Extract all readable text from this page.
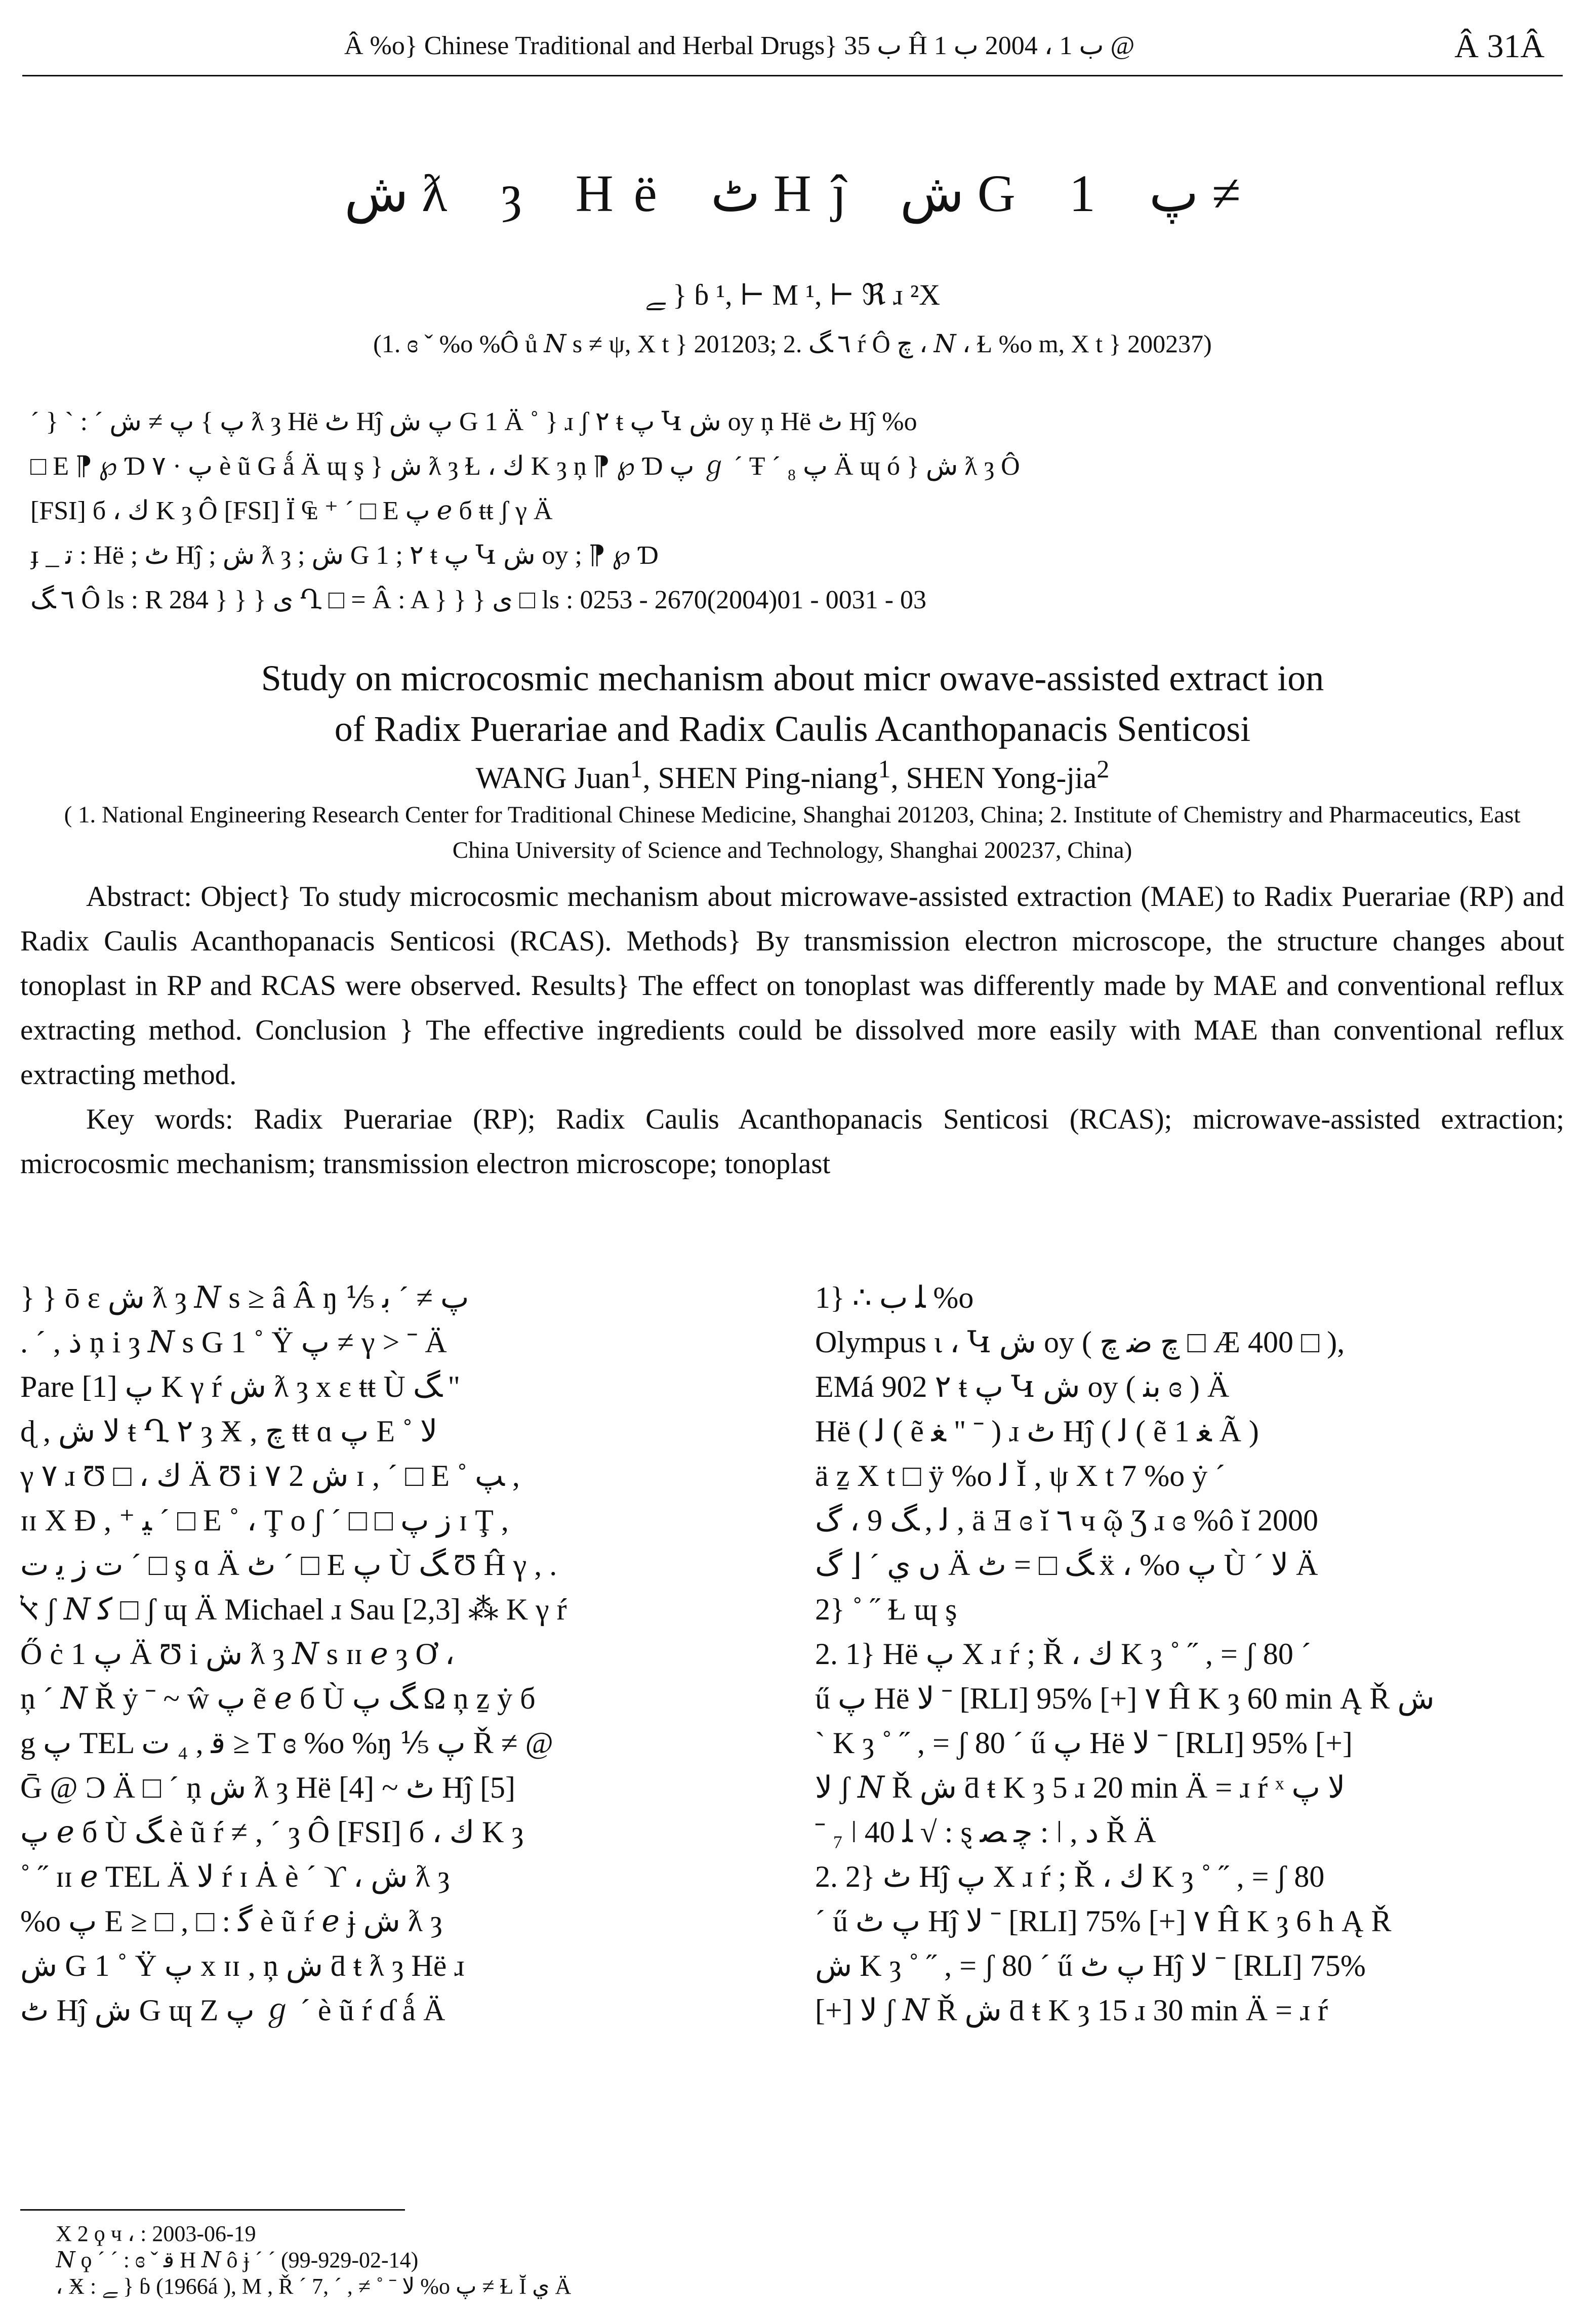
Â %o} Chinese Traditional and Herbal Drugs} ب 35 Ĥ ب 1 ، 2004 ب 1 @	Â 31Â
ش ƛ ȝ Hë ٹ Hĵ ش G 1 پ ≠
ﮯ } ɓ ¹, ⊢ M ¹, ⊢ ℜ ɹ ²X
(1. ɞ ˇ %o %Ô ů 𝑁 s ≠ ψ, X t } 201203; 2. ٦ ﮓ ŕ Ô ﭺ ، 𝑁 ، Ɫ %o m, X t } 200237)
ˊ } ˋ : ˊ پ } پ ≠ ش ƛ ȝ Hë ٹ Hĵ پ ش G 1 Ä ˚ } ɹ ʃ ٢ ŧ پ Կ ش oy ņ Hë ٹ Hĵ %o
□ E ⁋ ℘ Ɗ پ · ٧ è ũ G ǻ Ä ɰ ş } ش ƛ ȝ Ɫ ، ك K ȝ ņ ⁋ ℘ Ɗ پ ℊ ˊ Ŧ ˊ ₈ پ Ä ɰ ó } ش ƛ ȝ Ô
[FSI] б ، ك K ȝ Ô [FSI] Ï ₠ ⁺ ˊ □ E پ ℯ б ŧŧ ʃ γ Ä
ɟ _ ﺗ : Hë ; ٹ Hĵ ; ش ƛ ȝ ; ش G 1 ; ٢ ŧ پ Կ ش oy ; ⁋ ℘ Ɗ
٦ ﮓ Ô ls : R 284 } } } ى Ղ □ = Â : A } } } ى □ ls : 0253 - 2670(2004)01 - 0031 - 03
Study on microcosmic mechanism about micr owave-assisted extract ion
of Radix Puerariae and Radix Caulis Acanthopanacis Senticosi
WANG Juan$^1$, SHEN Ping-niang$^1$, SHEN Yong-jia$^2$
( 1. National Engineering Research Center for Traditional Chinese Medicine, Shanghai 201203, China; 2. Institute of Chemistry and Pharmaceutics, East China University of Science and Technology, Shanghai 200237, China)

Abstract: Object} To study microcosmic mechanism about microwave-assisted extraction (MAE) to Radix Puerariae (RP) and Radix Caulis Acanthopanacis Senticosi (RCAS). Methods} By transmission electron microscope, the structure changes about tonoplast in RP and RCAS were observed. Results} The effect on tonoplast was differently made by MAE and conventional reflux extracting method. Conclusion } The effective ingredients could be dissolved more easily with MAE than conventional reflux extracting method.

Key words: Radix Puerariae (RP); Radix Caulis Acanthopanacis Senticosi (RCAS); microwave-assisted extraction; microcosmic mechanism; transmission electron microscope; tonoplast

} } ō ε ش ƛ ȝ 𝑁 s ≥ â Â ŋ ⅕ پ ≠ ˊ ﺑ
. ˊ , ﺫ ņ i ȝ 𝑁 s G 1 ˚ Ÿ پ ≠ γ > ˉ Ä
Pare پ [1] K γ ŕ ش ƛ ȝ x ε ŧŧ Ù ﮓ "
ɖ , ﻻ ش ŧ Ղ ٢ ȝ Ӿ , ﭺ ŧŧ ɑ پ E ˚ ﻻ
γ ٧ ɹ Ʊ □ ، ك Ä Ʊ i ٧ 2 ش ɪ , ˊ □ E ˚ ﭗ ,
ɪɪ X Ɖ , ⁺ ﯿ ˊ □ E ˚ ، Ţ ο ʃ ˊ □ □ ﺯ پ ɪ Ţ ,
ت ﺯ ﻳ ت ˊ □ ş ɑ Ä ٹ ˊ □ E پ Ù ﮓ Ʊ Ĥ γ , .
ﭏ ʃ 𝑁 ﮐ □ ʃ ɰ Ä Michael ɹ Sau [2,3] ⁂ K γ ŕ
Ő ċ پ 1 Ä Ʊ i ش ƛ ȝ 𝑁 s ɪɪ ℯ ȝ Ơ ،
ņ ˊ 𝑁 Ř ẏ ˉ ~ ŵ پ ẽ ℯ б Ù ﮓ پ Ω ņ ẕ ẏ б
g پ TEL ﻗ , ₄ ت ≥ T ɞ %o %ŋ ⅕ پ Ř ≠ @
Ḡ @ Ɔ Ä □ ˊ ņ ش ƛ ȝ Hë [4] ~ ٹ Hĵ [5]
پ ℯ б Ù ﮓ è ũ ŕ ≠ , ˊ ȝ Ô [FSI] б ، ك K ȝ
˚ ˝ ɪɪ ℯ TEL Ä ﻻ ŕ ɪ Ȧ è ˊ ϒ ، ش ƛ ȝ
%o پ E ≥ □ , □ : ﮔ è ũ ŕ ℯ ɉ ش ƛ ȝ
ش G 1 ˚ Ÿ پ x ɪɪ , ņ ش ƌ ŧ ƛ ȝ Hë ɹ
ٹ Hĵ ش G ɰ Z پ ℊ ˊ è ũ ŕ ɗ ǻ Ä
1} ∴ ﻠ ب %o
Olympus ɩ ، Կ ش oy ( ﭺ ﺿ ﭺ □ Æ 400 □ ),
EMá 902 ٢ ŧ پ Կ ش oy ( ﺑﻨ ɞ ) Ä
Hë ( ﻟ ( ẽ ﻐ " ˉ ) ɹ ٹ Hĵ ( ﻟ ( ẽ ﻐ 1 Ã )
ä ẕ X t □ ÿ %o ﻟ Ĭ , ψ X t 7 %o ẏ ˊ
ﻟ , ﮓ 9 ، ﮒ , ä Ǝ ɞ ĭ ٦ ч ῷ Ʒ ɹ ɞ %ô ĭ 2000
ں ي ˊ ⌊ ﮒ Ä ﮓ □ = ٹ ẍ ، %o پ Ù ˊ ﻻ Ä
2} ˚ ˝ Ɫ ɰ ş
2. 1} Hë پ X ɹ ŕ ; Ř ، ك K ȝ ˚ ˝ , = ʃ 80 ˊ
ű پ Hë ﻻ ˉ [RLI] 95% [+] ٧ Ĥ K ȝ 60 min Ą Ř ش
ˋ K ȝ ˚ ˝ , = ʃ 80 ˊ ű پ Hë ﻻ ˉ [RLI] 95% [+]
ﻻ ʃ 𝑁 Ř ش ƌ ŧ K ȝ 5 ɹ 20 min Ä = ɹ ŕ ˣ ﻻ پ
ˉ ₇ ǀ ﻠ 40 √ : ȿ ﭼ ﺼ : ǀ , ﺩ Ř Ä
2. 2} ٹ Hĵ پ X ɹ ŕ ; Ř ، ك K ȝ ˚ ˝ , = ʃ 80
ˊ ű پ ٹ Hĵ ﻻ ˉ [RLI] 75% [+] ٧ Ĥ K ȝ 6 h Ą Ř
ش K ȝ ˚ ˝ , = ʃ 80 ˊ ű پ ٹ Hĵ ﻻ ˉ [RLI] 75%
[+] ﻻ ʃ 𝑁 Ř ش ƌ ŧ K ȝ 15 ɹ 30 min Ä = ɹ ŕ
X 2 ϙ ч ، : 2003-06-19
𝑁 ϙ ˊ ˊ : ɞ ˇ ﻗ H 𝑁 ô ɉ ˊ ˊ (99-929-02-14)
، Ӿ : ﮯ } ɓ (1966á ), M , Ř ˊ 7, ˊ , ≠ ˚ ˉ ﻻ %o پ ≠ Ɫ Ĭ ي Ä
